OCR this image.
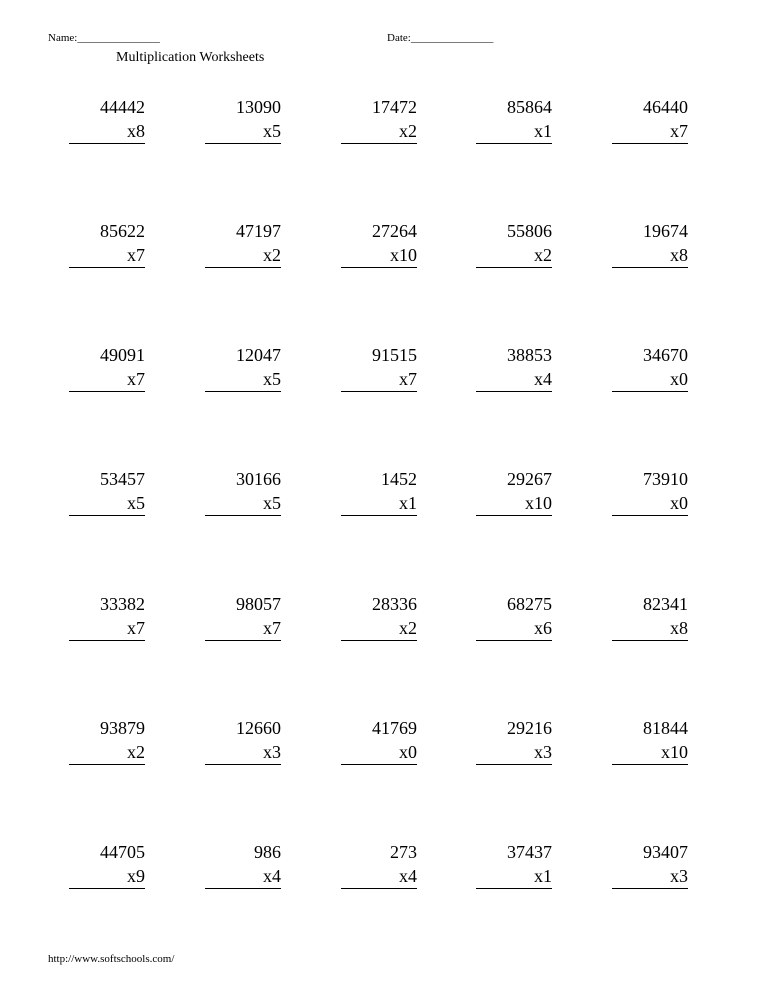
Name:_______________	Date:_______________
Multiplication Worksheets
44442
x8
13090
x5
17472
x2
85864
x1
46440
x7
85622
x7
47197
x2
27264
x10
55806
x2
19674
x8
49091
x7
12047
x5
91515
x7
38853
x4
34670
x0
53457
x5
30166
x5
1452
x1
29267
x10
73910
x0
33382
x7
98057
x7
28336
x2
68275
x6
82341
x8
93879
x2
12660
x3
41769
x0
29216
x3
81844
x10
44705
x9
986
x4
273
x4
37437
x1
93407
x3
http://www.softschools.com/
